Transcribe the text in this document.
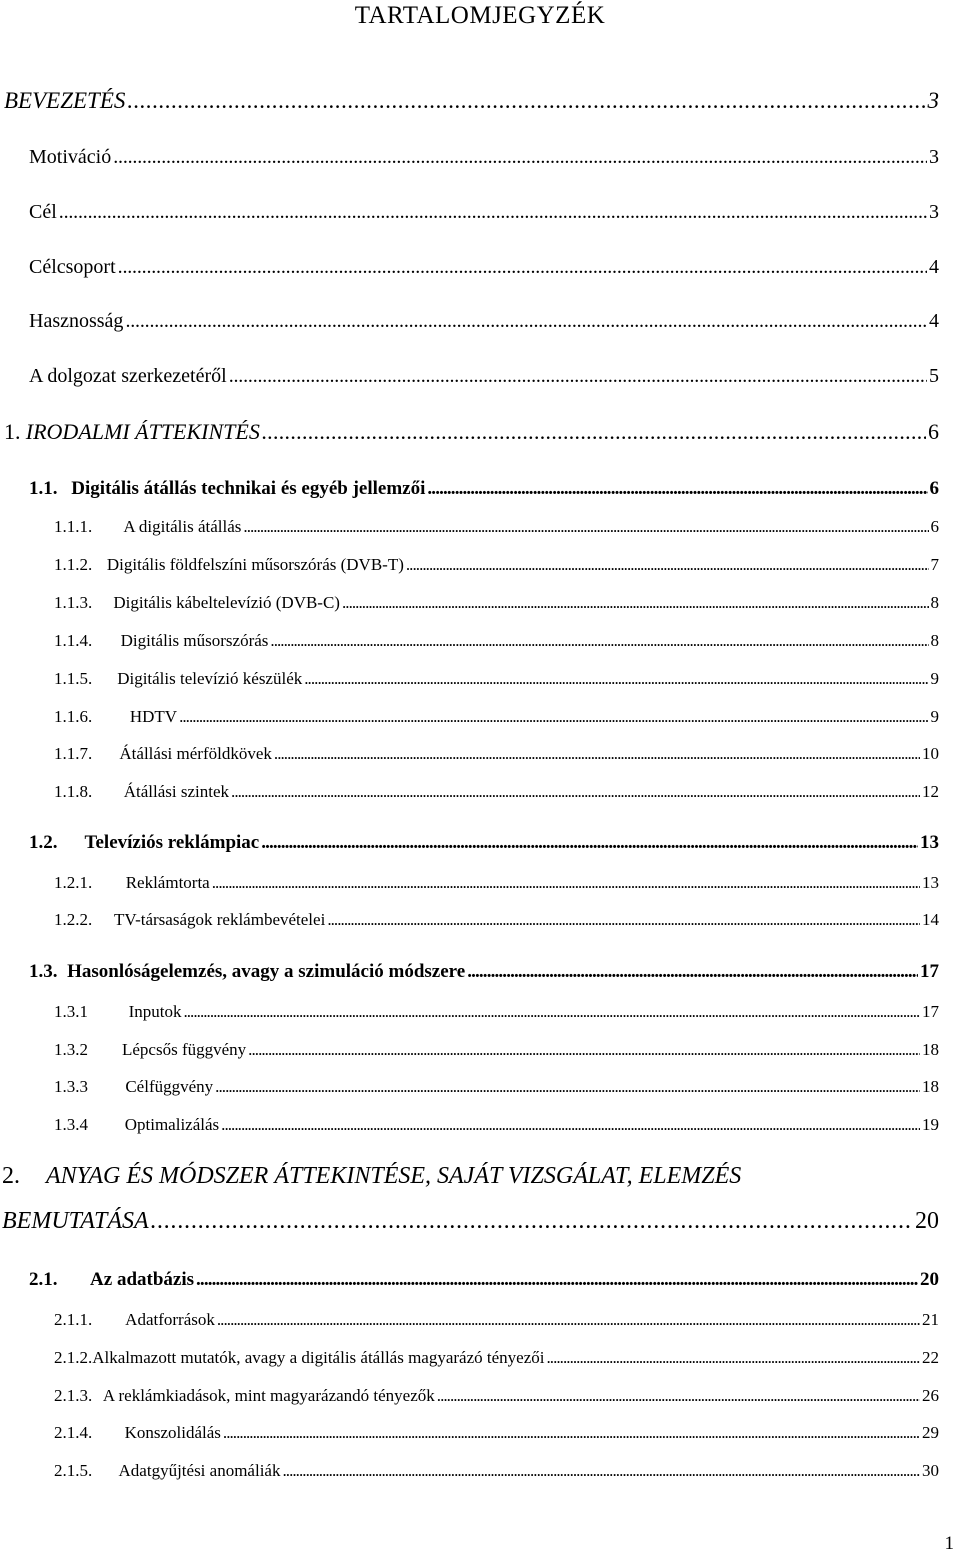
TARTALOMJEGYZÉK
BEVEZETÉS . . .	3
Motiváció . . .	3
Cél . . .	3
Célcsoport . . .	4
Hasznosság . . .	4
A dolgozat szerkezetéről . . .	5
1. IRODALMI ÁTTEKINTÉS . . .	6
1.1. Digitális átállás technikai és egyéb jellemzői . . .	6
1.1.1.	A digitális átállás . . .	6
1.1.2. Digitális földfelszíni műsorszórás (DVB-T) . . .	7
1.1.3.	Digitális kábeltelevízió (DVB-C) . . .	8
1.1.4.	Digitális műsorszórás . . .	8
1.1.5.	Digitális televízió készülék . . .	9
1.1.6.	HDTV . . .	9
1.1.7.	Átállási mérföldkövek . . .	10
1.1.8.	Átállási szintek . . .	12
1.2.	Televíziós reklámpiac . . .	13
1.2.1.	Reklámtorta . . .	13
1.2.2.	TV-társaságok reklámbevételei . . .	14
1.3. Hasonlóságelemzés, avagy a szimuláció módszere . . .	17
1.3.1	Inputok . . .	17
1.3.2	Lépcsős függvény . . .	18
1.3.3	Célfüggvény . . .	18
1.3.4	Optimalizálás . . .	19
2. ANYAG ÉS MÓDSZER ÁTTEKINTÉSE, SAJÁT VIZSGÁLAT, ELEMZÉS
BEMUTATÁSA . . .	20
2.1.	Az adatbázis . . .	20
2.1.1.	Adatforrások . . .	21
2.1.2. Alkalmazott mutatók, avagy a digitális átállás magyarázó tényezői . . .	22
2.1.3. A reklámkiadások, mint magyarázandó tényezők . . .	26
2.1.4.	Konszolidálás . . .	29
2.1.5.	Adatgyűjtési anomáliák . . .	30
1
